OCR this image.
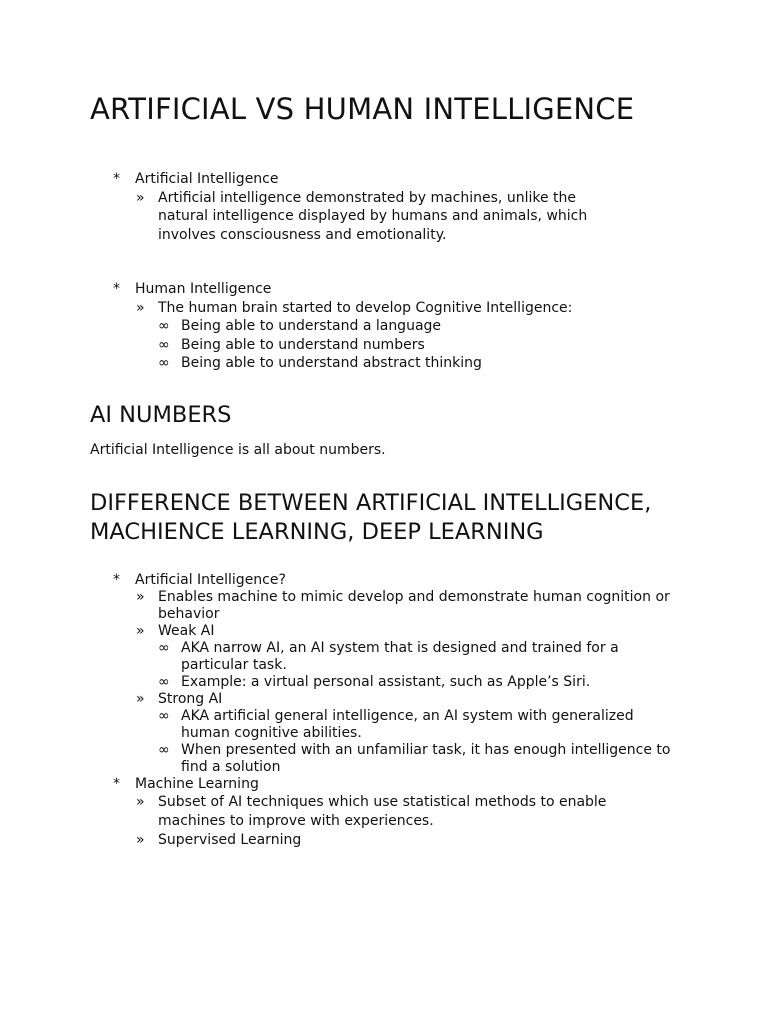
ARTIFICIAL VS HUMAN INTELLIGENCE
* Artificial Intelligence
» Artificial intelligence demonstrated by machines, unlike the natural intelligence displayed by humans and animals, which involves consciousness and emotionality.
* Human Intelligence
» The human brain started to develop Cognitive Intelligence:
∞ Being able to understand a language
∞ Being able to understand numbers
∞ Being able to understand abstract thinking
AI NUMBERS

Artificial Intelligence is all about numbers.

DIFFERENCE BETWEEN ARTIFICIAL INTELLIGENCE, MACHIENCE LEARNING, DEEP LEARNING
* Artificial Intelligence?
» Enables machine to mimic develop and demonstrate human cognition or behavior
» Weak AI
∞ AKA narrow AI, an AI system that is designed and trained for a particular task.
∞ Example: a virtual personal assistant, such as Apple’s Siri.
» Strong AI
∞ AKA artificial general intelligence, an AI system with generalized human cognitive abilities.
∞ When presented with an unfamiliar task, it has enough intelligence to find a solution
* Machine Learning
» Subset of AI techniques which use statistical methods to enable machines to improve with experiences.
» Supervised Learning
